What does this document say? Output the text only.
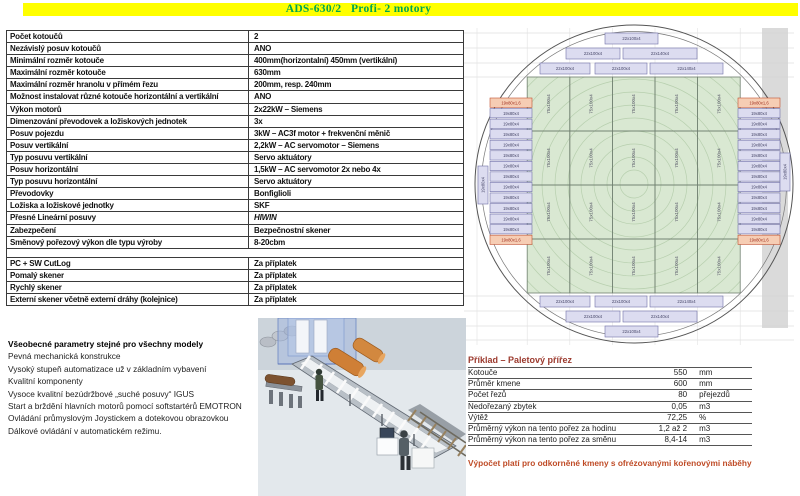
ADS-630/2   Profi- 2 motory
Počet kotoučů	2
Nezávislý posuv kotoučů	ANO
Minimální rozměr kotouče	400mm(horizontalní) 450mm (vertikální)
Maximální rozměr kotouče	630mm
Maximální rozměr hranolu v přímém řezu	200mm, resp. 240mm
Možnost instalovat různé kotouče horizontální a vertikální	ANO
Výkon motorů	2x22kW – Siemens
Dimenzování převodovek a ložiskových jednotek	3x
Posuv pojezdu	3kW – AC3f motor + frekvenční měnič
Posuv vertikální	2,2kW – AC servomotor – Siemens
Typ posuvu vertikální	Servo aktuátory
Posuv horizontální	1,5kW – AC servomotor 2x nebo 4x
Typ posuvu horizontální	Servo aktuátory
Převodovky	Bonfiglioli
Ložiska a ložiskové jednotky	SKF
Přesné Lineární posuvy	HIWIN
Zabezpečení	Bezpečnostní skener
Směnový pořezový výkon dle typu výroby	8-20cbm

PC + SW CutLog	Za příplatek
Pomalý skener	Za příplatek
Rychlý skener	Za příplatek
Externí skener včetně externí dráhy (kolejnice)	Za příplatek
75x100x4
75x100x4
75x100x4
75x100x4
75x100x4
75x100x4
75x100x4
75x100x4
75x100x4
75x100x4
75x100x4
75x100x4
75x100x4
75x100x4
75x100x4
75x100x4
75x100x4
75x100x4
75x100x4
75x100x4
22x100x4
22x100x4	22x140x4
22x100x4	22x100x4	22x140x4
22x100x4	22x100x4	22x140x4
22x100x4	22x140x4
22x100x4
19x80x1,6	19x80x1,6
19x80x4	19x80x4
19x80x4	19x80x4
19x80x4	19x80x4
19x80x4	19x80x4
19x80x4	19x80x4
19x80x4	19x80x4
19x80x4	19x80x4
19x80x4	19x80x4
19x80x4	19x80x4
19x80x4	19x80x4
19x80x4	19x80x4
19x80x4	19x80x4
19x80x1,6	19x80x1,6
19x80x4
19x80x4
Všeobecné parametry stejné pro všechny modely
Pevná mechanická konstrukce
Vysoký stupeň automatizace už v základním vybavení
Kvalitní komponenty
Vysoce kvalitní bezúdržbové „suché posuvy“ IGUS
Start a brždění hlavních motorů pomocí softstartérů EMOTRON
Ovládání průmyslovým Joystickem a dotekovou obrazovkou
Dálkové ovládání v automatickém režimu.
Příklad – Paletový přířez
Kotouče	550	mm
Průměr kmene	600	mm
Počet řezů	80	přejezdů
Nedořezaný zbytek	0,05	m3
Výtěž	72,25	%
Průměrný výkon na tento pořez za hodinu	1,2 až 2	m3
Průměrný výkon na tento pořez za směnu	8,4-14	m3
Výpočet platí pro odkorněné kmeny s ofrézovanými kořenovými náběhy
